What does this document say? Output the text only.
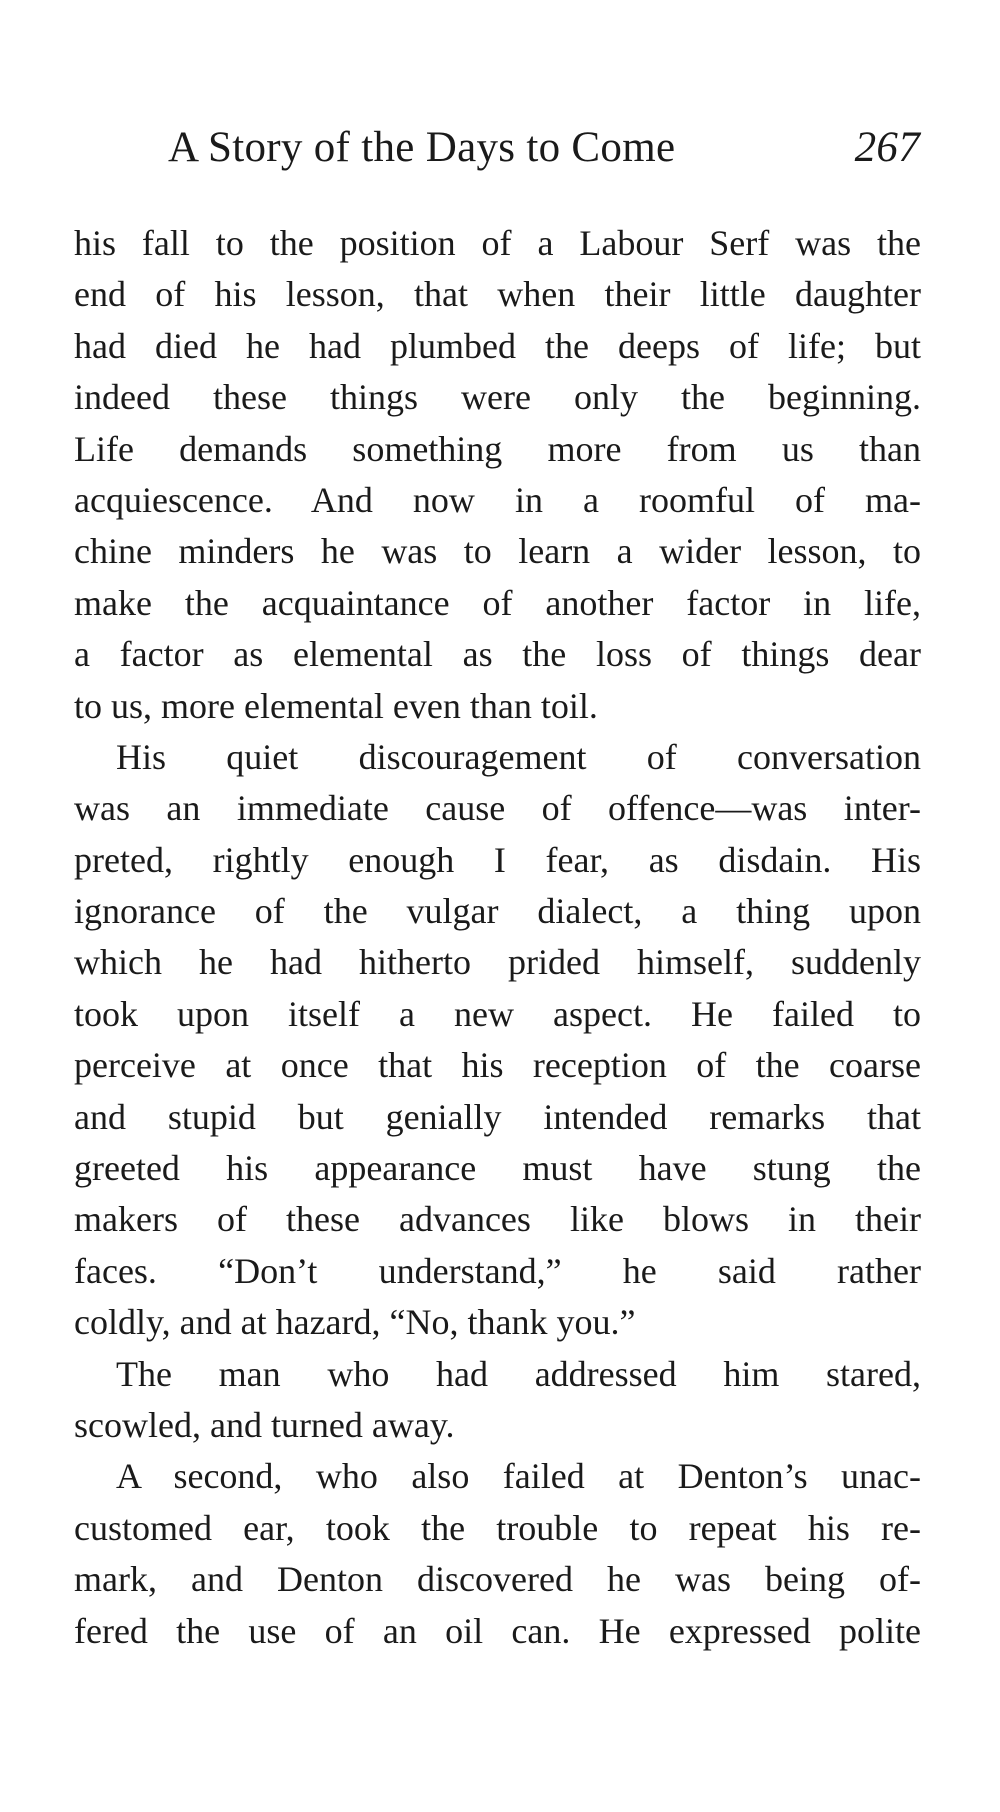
A Story of the Days to Come	267
his fall to the position of a Labour Serf was the
end of his lesson, that when their little daughter
had died he had plumbed the deeps of life; but
indeed these things were only the beginning.
Life demands something more from us than
acquiescence. And now in a roomful of ma-
chine minders he was to learn a wider lesson, to
make the acquaintance of another factor in life,
a factor as elemental as the loss of things dear
to us, more elemental even than toil.
His quiet discouragement of conversation
was an immediate cause of offence—was inter-
preted, rightly enough I fear, as disdain. His
ignorance of the vulgar dialect, a thing upon
which he had hitherto prided himself, suddenly
took upon itself a new aspect. He failed to
perceive at once that his reception of the coarse
and stupid but genially intended remarks that
greeted his appearance must have stung the
makers of these advances like blows in their
faces. “Don’t understand,” he said rather
coldly, and at hazard, “No, thank you.”
The man who had addressed him stared,
scowled, and turned away.
A second, who also failed at Denton’s unac-
customed ear, took the trouble to repeat his re-
mark, and Denton discovered he was being of-
fered the use of an oil can. He expressed polite
